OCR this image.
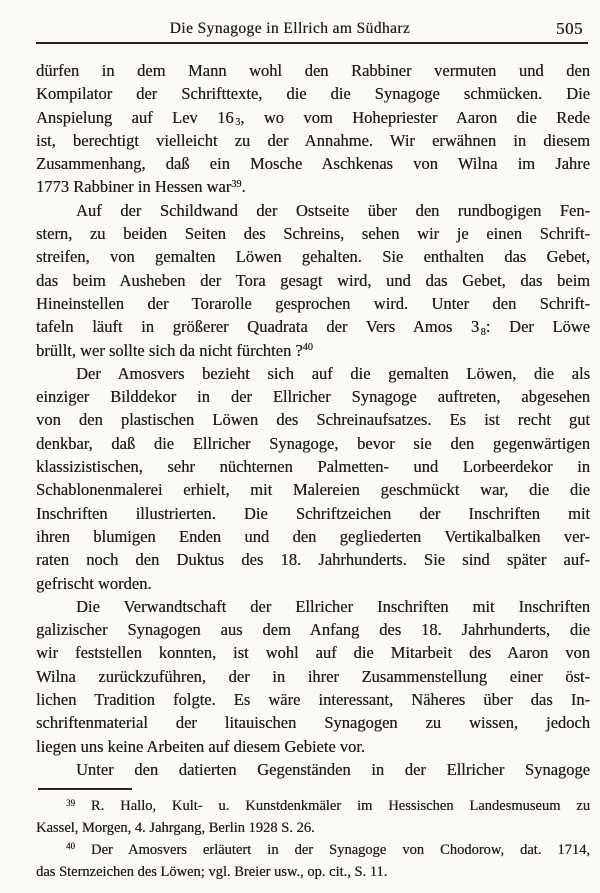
Die Synagoge in Ellrich am Südharz	505
dürfen in dem Mann wohl den Rabbiner vermuten und den
Kompilator der Schrifttexte, die die Synagoge schmücken. Die
Anspielung auf Lev 16 $_3$, wo vom Hohepriester Aaron die Rede
ist, berechtigt vielleicht zu der Annahme. Wir erwähnen in diesem
Zusammenhang, daß ein Mosche Aschkenas von Wilna im Jahre
1773 Rabbiner in Hessen war$^{39}$.
Auf der Schildwand der Ostseite über den rundbogigen Fen-
stern, zu beiden Seiten des Schreins, sehen wir je einen Schrift-
streifen, von gemalten Löwen gehalten. Sie enthalten das Gebet,
das beim Ausheben der Tora gesagt wird, und das Gebet, das beim
Hineinstellen der Torarolle gesprochen wird. Unter den Schrift-
tafeln läuft in größerer Quadrata der Vers Amos 3 $_8$: Der Löwe
brüllt, wer sollte sich da nicht fürchten ?$^{40}$
Der Amosvers bezieht sich auf die gemalten Löwen, die als
einziger Bilddekor in der Ellricher Synagoge auftreten, abgesehen
von den plastischen Löwen des Schreinaufsatzes. Es ist recht gut
denkbar, daß die Ellricher Synagoge, bevor sie den gegenwärtigen
klassizistischen, sehr nüchternen Palmetten- und Lorbeerdekor in
Schablonenmalerei erhielt, mit Malereien geschmückt war, die die
Inschriften illustrierten. Die Schriftzeichen der Inschriften mit
ihren blumigen Enden und den gegliederten Vertikalbalken ver-
raten noch den Duktus des 18. Jahrhunderts. Sie sind später auf-
gefrischt worden.
Die Verwandtschaft der Ellricher Inschriften mit Inschriften
galizischer Synagogen aus dem Anfang des 18. Jahrhunderts, die
wir feststellen konnten, ist wohl auf die Mitarbeit des Aaron von
Wilna zurückzuführen, der in ihrer Zusammenstellung einer öst-
lichen Tradition folgte. Es wäre interessant, Näheres über das In-
schriftenmaterial der litauischen Synagogen zu wissen, jedoch
liegen uns keine Arbeiten auf diesem Gebiete vor.
Unter den datierten Gegenständen in der Ellricher Synagoge
$^{39}$ R. Hallo, Kult- u. Kunstdenkmäler im Hessischen Landesmuseum zu
Kassel, Morgen, 4. Jahrgang, Berlin 1928 S. 26.
$^{40}$ Der Amosvers erläutert in der Synagoge von Chodorow, dat. 1714,
das Sternzeichen des Löwen; vgl. Breier usw., op. cit., S. 11.
